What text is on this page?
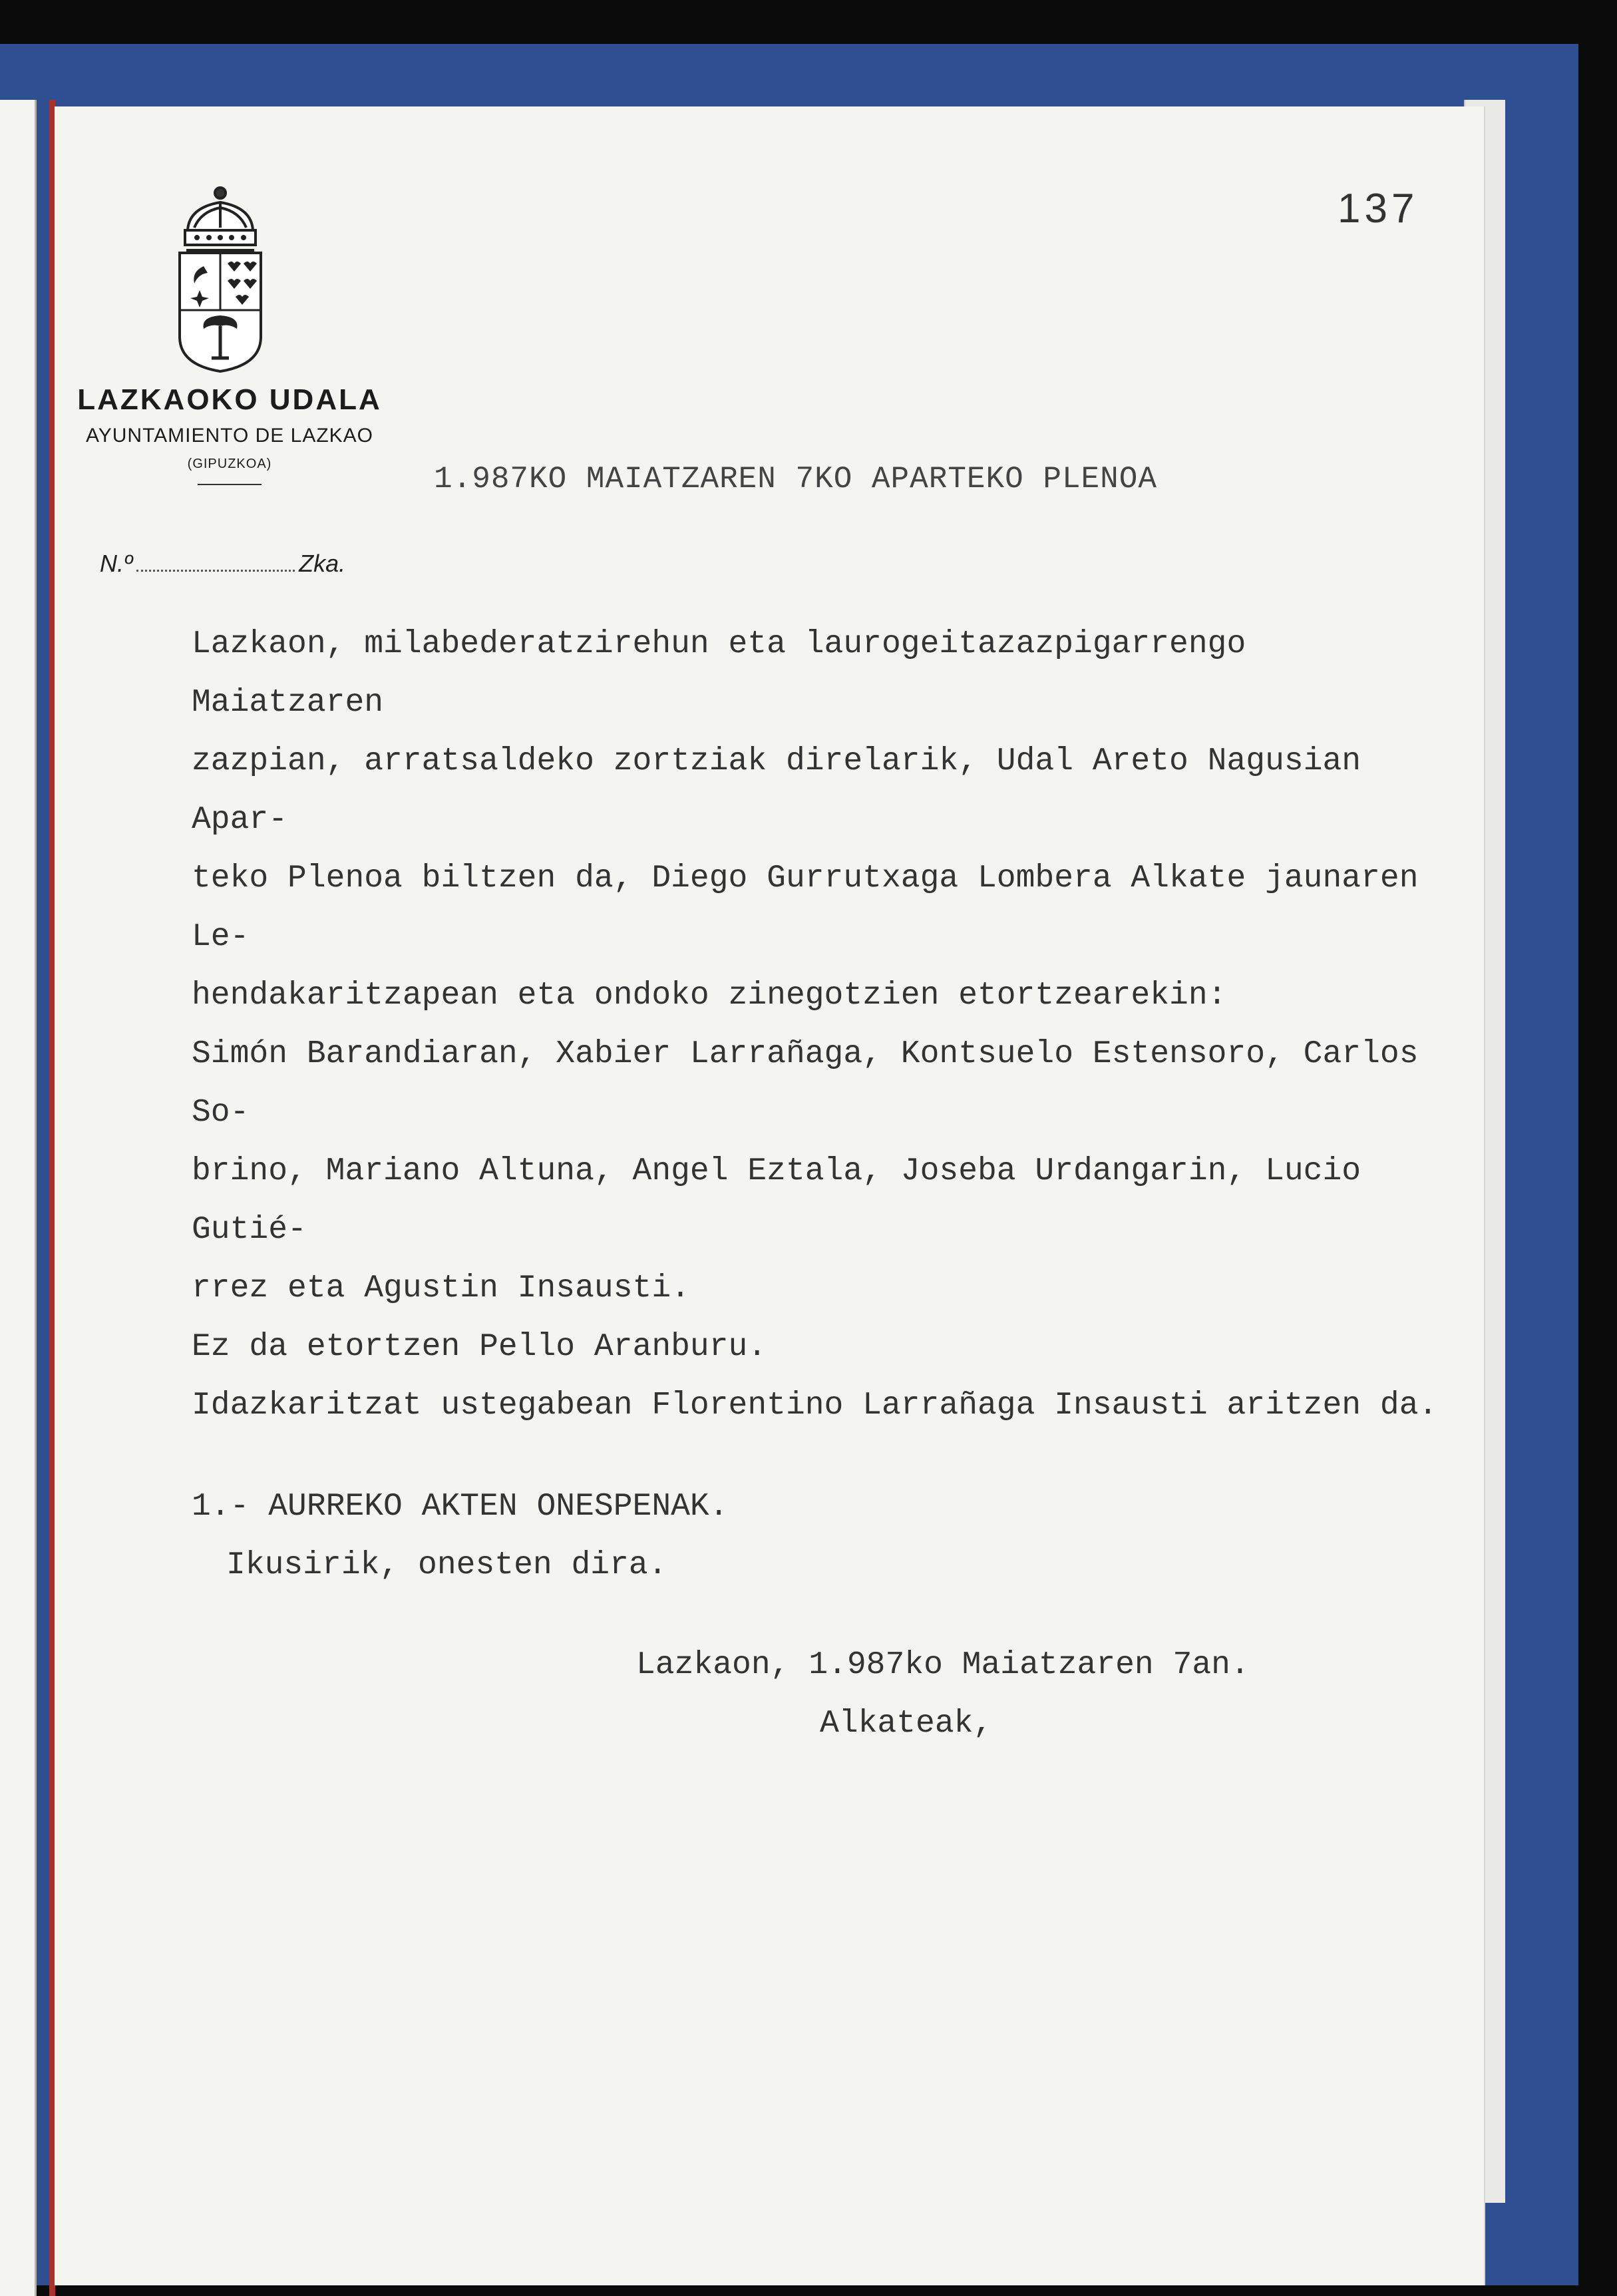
137
LAZKAOKO UDALA
AYUNTAMIENTO DE LAZKAO
(GIPUZKOA)	1.987KO MAIATZAREN 7KO APARTEKO PLENOA
N.º	Zka.

Lazkaon, milabederatzirehun eta laurogeitazazpigarrengo Maiatzaren

zazpian, arratsaldeko zortziak direlarik, Udal Areto Nagusian Apar-

teko Plenoa biltzen da, Diego Gurrutxaga Lombera Alkate jaunaren Le-

hendakaritzapean eta ondoko zinegotzien etortzearekin:

Simón Barandiaran, Xabier Larrañaga, Kontsuelo Estensoro, Carlos So-

brino, Mariano Altuna, Angel Eztala, Joseba Urdangarin, Lucio Gutié-

rrez eta Agustin Insausti.

Ez da etortzen Pello Aranburu.

Idazkaritzat ustegabean Florentino Larrañaga Insausti aritzen da.

1.- AURREKO AKTEN ONESPENAK.

Ikusirik, onesten dira.

Lazkaon, 1.987ko Maiatzaren 7an.

Alkateak,
